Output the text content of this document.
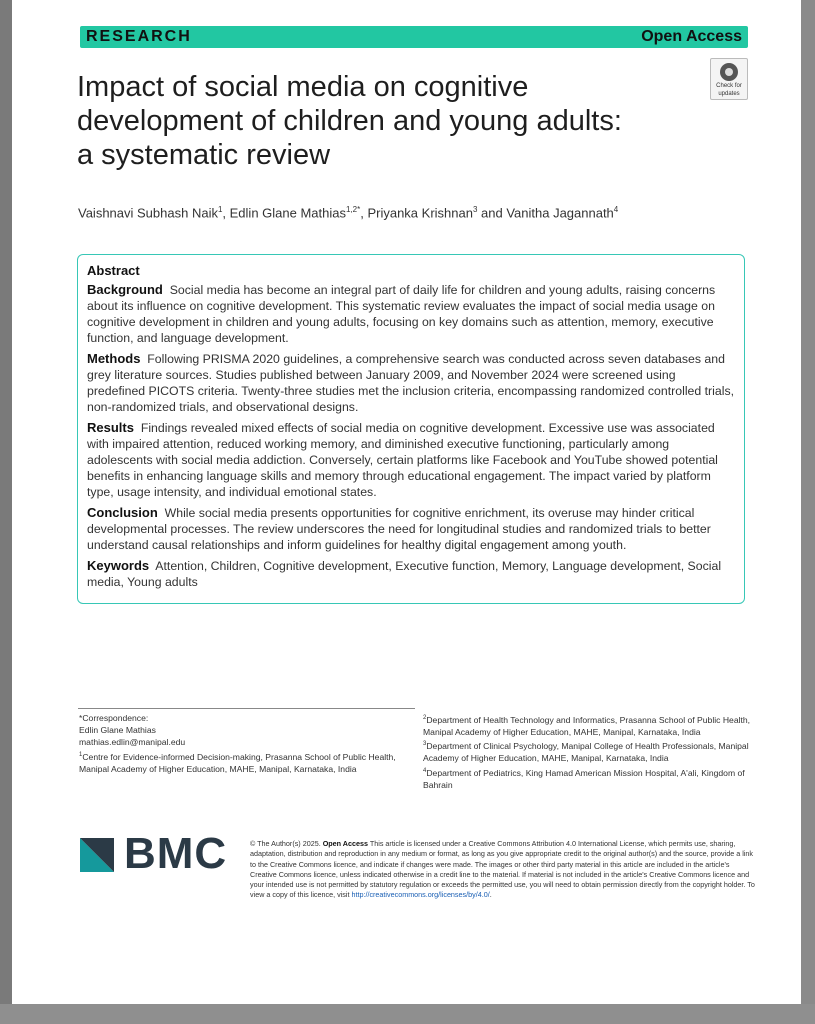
RESEARCH	Open Access
Check for
updates
Impact of social media on cognitive
development of children and young adults:
a systematic review
Vaishnavi Subhash Naik$^1$, Edlin Glane Mathias$^{1,2*}$, Priyanka Krishnan$^3$ and Vanitha Jagannath$^4$
Abstract

Background Social media has become an integral part of daily life for children and young adults, raising concerns about its influence on cognitive development. This systematic review evaluates the impact of social media usage on cognitive development in children and young adults, focusing on key domains such as attention, memory, executive function, and language development.

Methods Following PRISMA 2020 guidelines, a comprehensive search was conducted across seven databases and grey literature sources. Studies published between January 2009, and November 2024 were screened using predefined PICOTS criteria. Twenty-three studies met the inclusion criteria, encompassing randomized controlled trials, non-randomized trials, and observational designs.

Results Findings revealed mixed effects of social media on cognitive development. Excessive use was associated with impaired attention, reduced working memory, and diminished executive functioning, particularly among adolescents with social media addiction. Conversely, certain platforms like Facebook and YouTube showed potential benefits in enhancing language skills and memory through educational engagement. The impact varied by platform type, usage intensity, and individual emotional states.

Conclusion While social media presents opportunities for cognitive enrichment, its overuse may hinder critical developmental processes. The review underscores the need for longitudinal studies and randomized trials to better understand causal relationships and inform guidelines for healthy digital engagement among youth.

Keywords Attention, Children, Cognitive development, Executive function, Memory, Language development, Social media, Young adults

*Correspondence:
Edlin Glane Mathias
mathias.edlin@manipal.edu
$^1$Centre for Evidence-informed Decision-making, Prasanna School of Public Health, Manipal Academy of Higher Education, MAHE, Manipal, Karnataka, India
$^2$Department of Health Technology and Informatics, Prasanna School of Public Health, Manipal Academy of Higher Education, MAHE, Manipal, Karnataka, India
$^3$Department of Clinical Psychology, Manipal College of Health Professionals, Manipal Academy of Higher Education, MAHE, Manipal, Karnataka, India
$^4$Department of Pediatrics, King Hamad American Mission Hospital, A'ali, Kingdom of Bahrain
BMC	© The Author(s) 2025. Open Access This article is licensed under a Creative Commons Attribution 4.0 International License, which permits use, sharing, adaptation, distribution and reproduction in any medium or format, as long as you give appropriate credit to the original author(s) and the source, provide a link to the Creative Commons licence, and indicate if changes were made. The images or other third party material in this article are included in the article's Creative Commons licence, unless indicated otherwise in a credit line to the material. If material is not included in the article's Creative Commons licence and your intended use is not permitted by statutory regulation or exceeds the permitted use, you will need to obtain permission directly from the copyright holder. To view a copy of this licence, visit http://creativecommons.org/licenses/by/4.0/.
